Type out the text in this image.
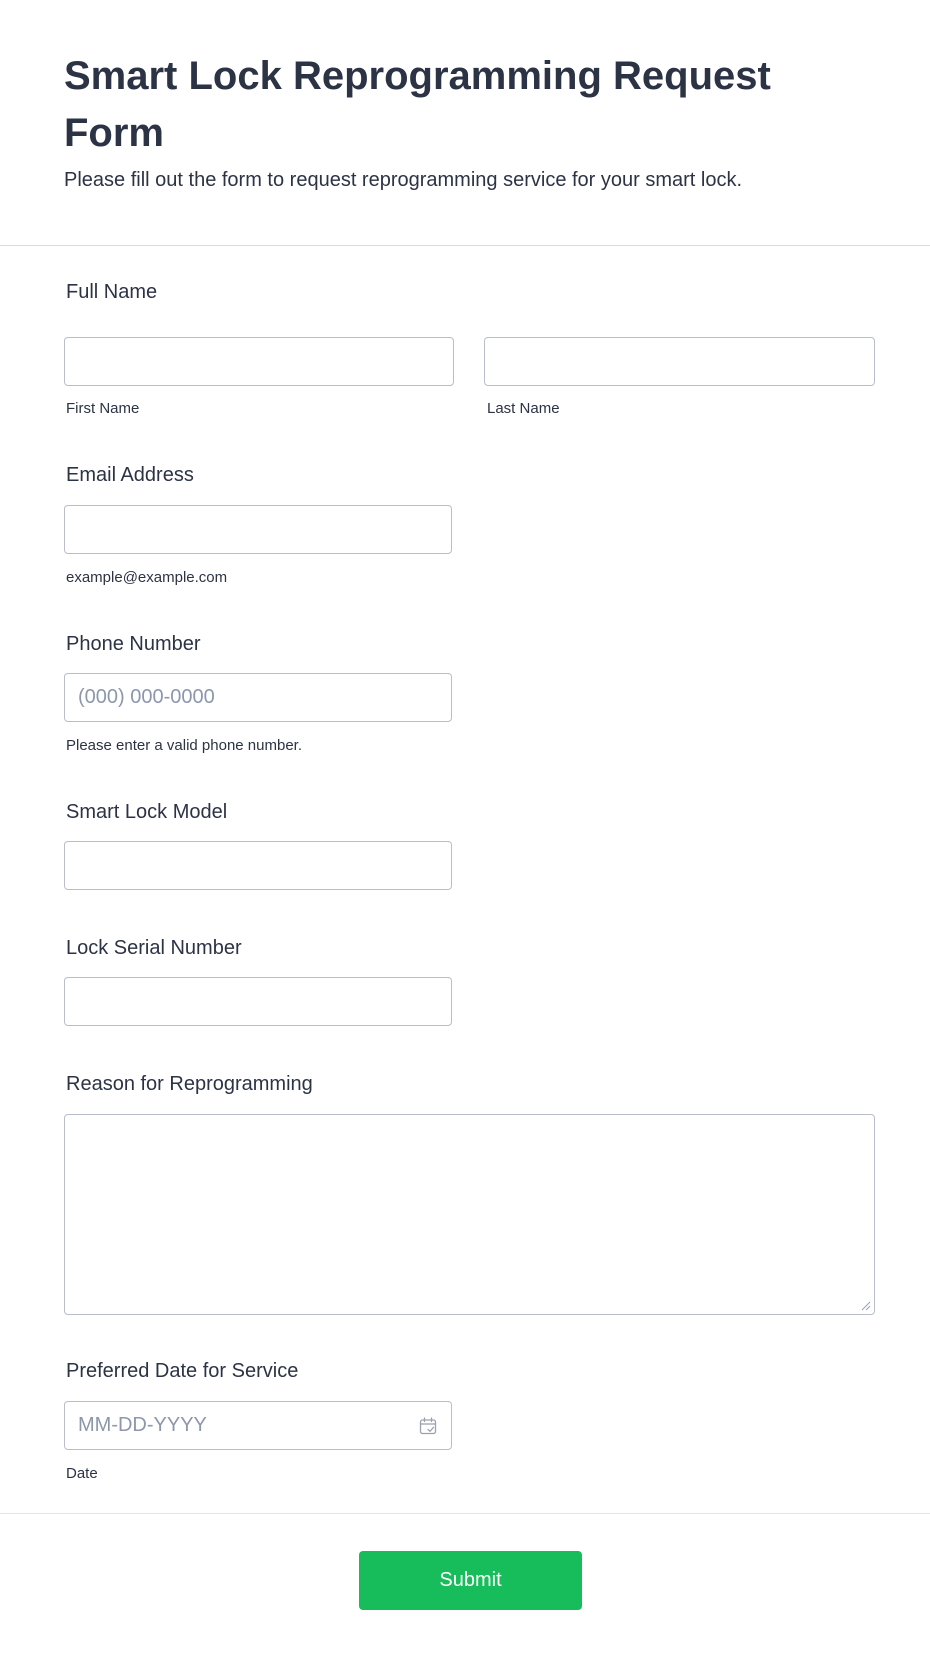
Smart Lock Reprogramming Request Form

Please fill out the form to request reprogramming service for your smart lock.

Full Name
First Name	Last Name
Email Address
example@example.com
Phone Number
(000) 000-0000
Please enter a valid phone number.
Smart Lock Model
Lock Serial Number
Reason for Reprogramming
Preferred Date for Service
MM-DD-YYYY
Date
Submit
